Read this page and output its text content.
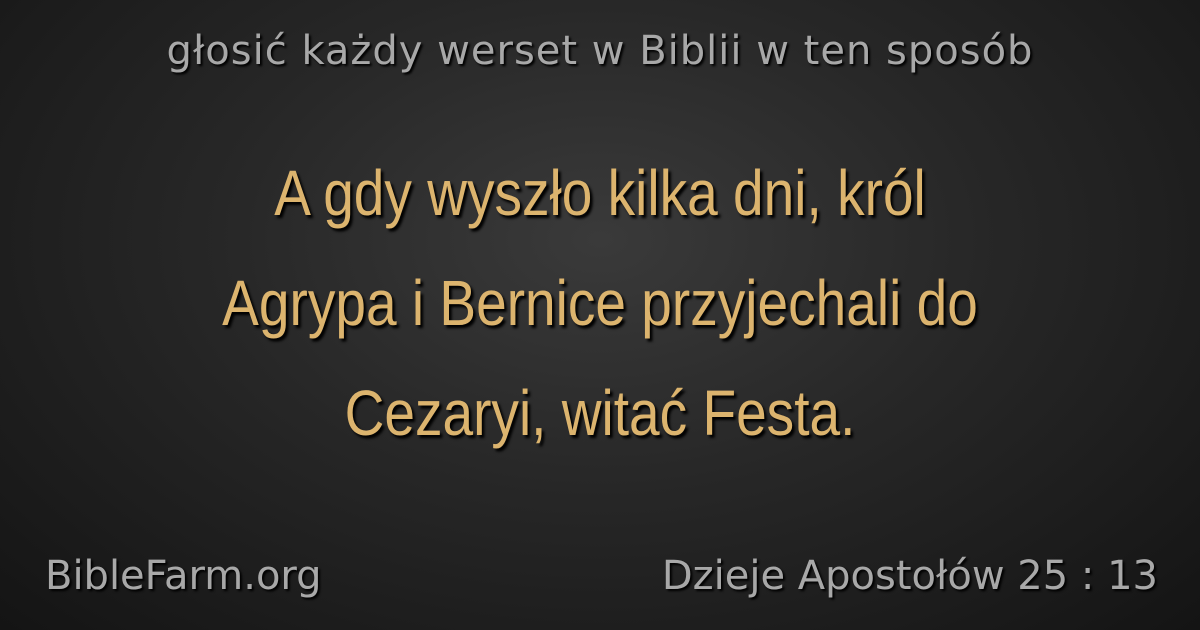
głosić każdy werset w Biblii w ten sposób
A gdy wyszło kilka dni, król
Agrypa i Bernice przyjechali do
Cezaryi, witać Festa.
BibleFarm.org	Dzieje Apostołów 25 : 13
